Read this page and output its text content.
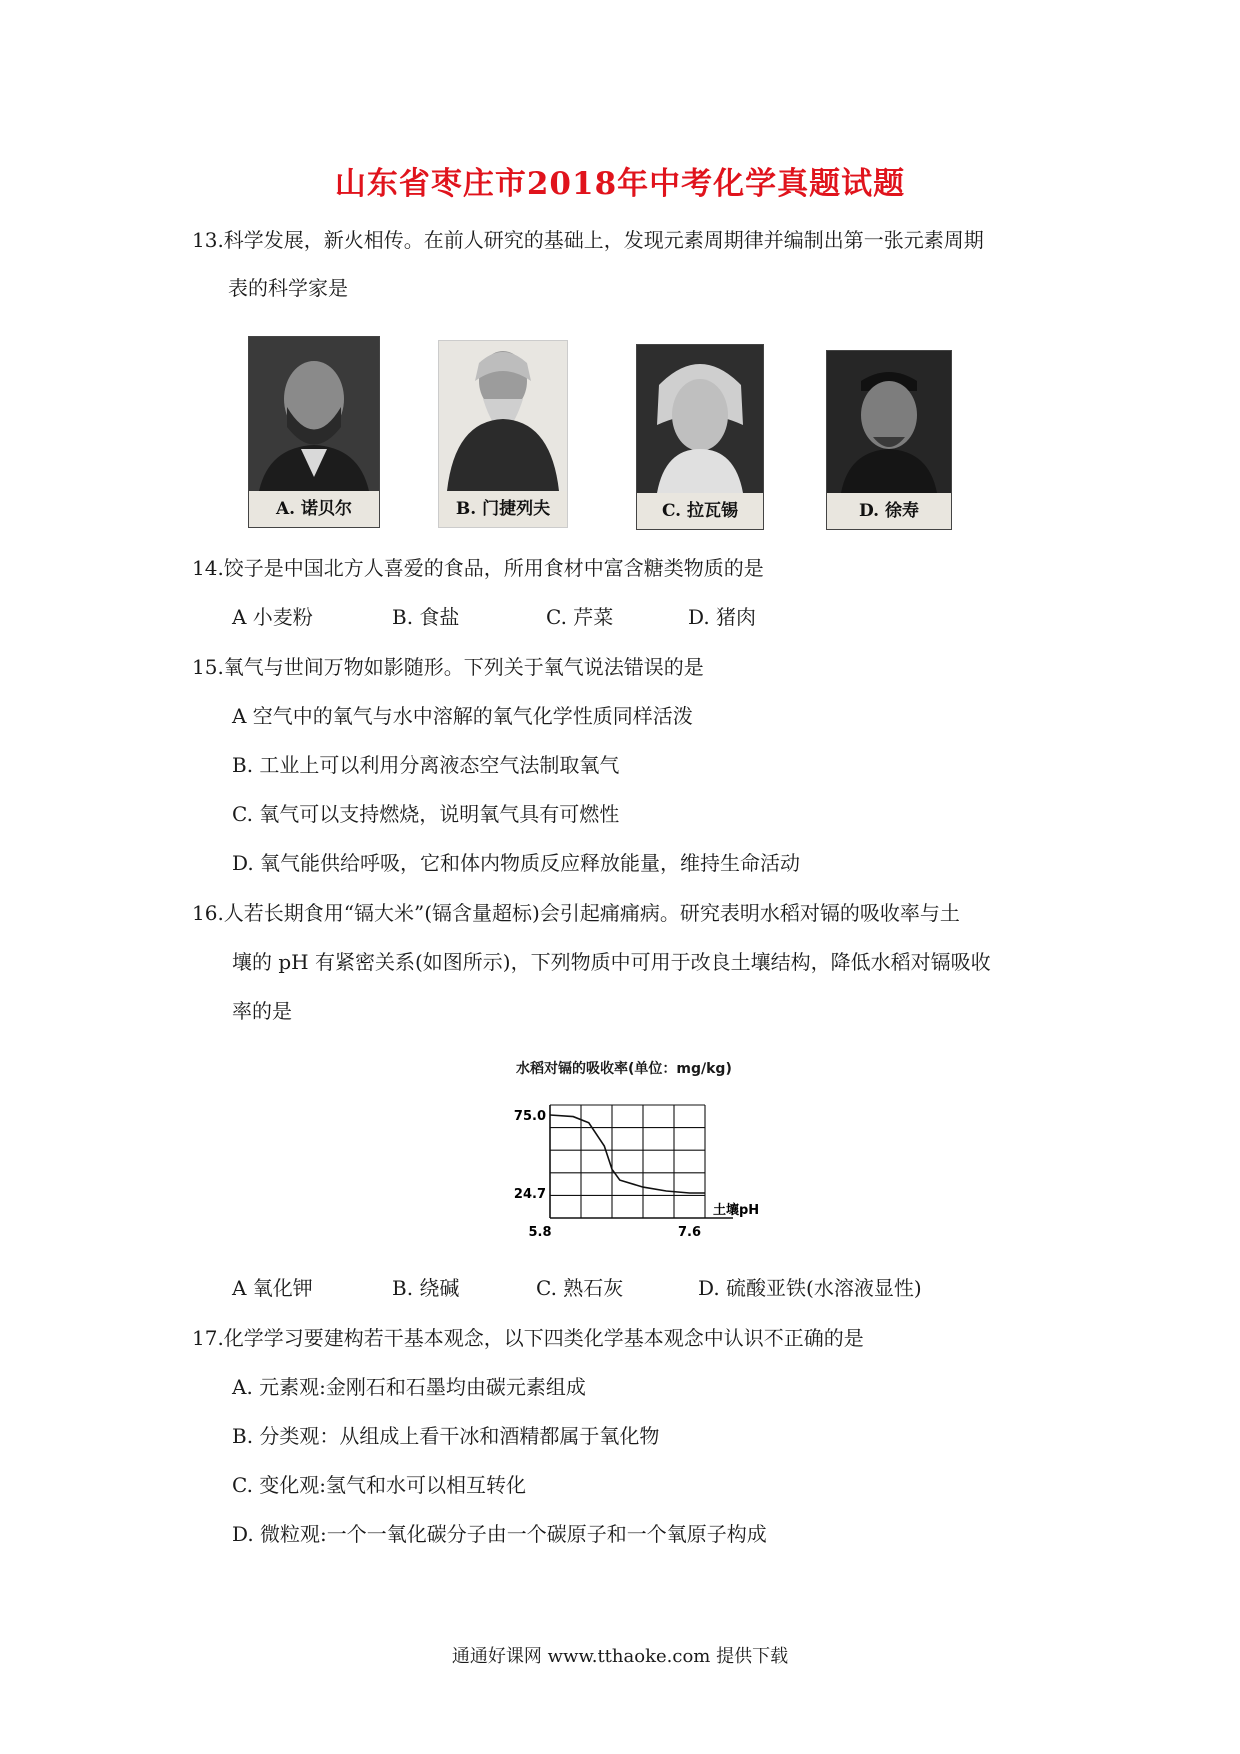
山东省枣庄市2018年中考化学真题试题
13.科学发展，新火相传。在前人研究的基础上，发现元素周期律并编制出第一张元素周期
表的科学家是
A. 诺贝尔	B. 门捷列夫	C. 拉瓦锡	D. 徐寿
14.饺子是中国北方人喜爱的食品，所用食材中富含糖类物质的是
A 小麦粉	B. 食盐	C. 芹菜	D. 猪肉
15.氧气与世间万物如影随形。下列关于氧气说法错误的是
A 空气中的氧气与水中溶解的氧气化学性质同样活泼
B. 工业上可以利用分离液态空气法制取氧气
C. 氧气可以支持燃烧，说明氧气具有可燃性
D. 氧气能供给呼吸，它和体内物质反应释放能量，维持生命活动
16.人若长期食用“镉大米”(镉含量超标)会引起痛痛病。研究表明水稻对镉的吸收率与土
壤的 pH 有紧密关系(如图所示)，下列物质中可用于改良土壤结构，降低水稻对镉吸收
率的是
水稻对镉的吸收率(单位：mg/kg)
75.0
24.7
5.8	7.6
土壤pH
A 氧化钾	B. 绕碱	C. 熟石灰	D. 硫酸亚铁(水溶液显性)
17.化学学习要建构若干基本观念，以下四类化学基本观念中认识不正确的是
A. 元素观:金刚石和石墨均由碳元素组成
B. 分类观：从组成上看干冰和酒精都属于氧化物
C. 变化观:氢气和水可以相互转化
D. 微粒观:一个一氧化碳分子由一个碳原子和一个氧原子构成
通通好课网 www.tthaoke.com 提供下载
